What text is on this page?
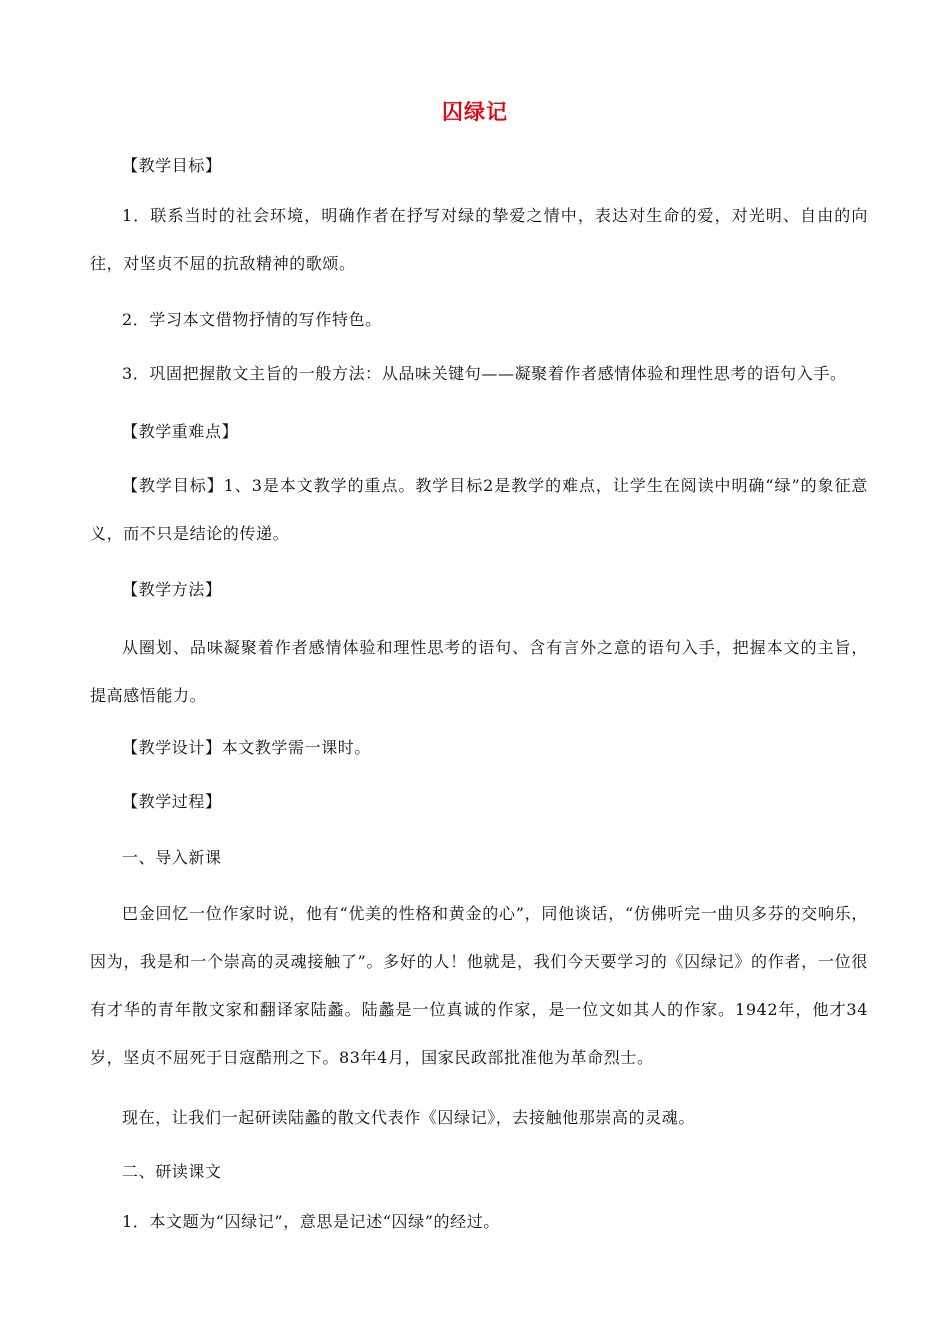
囚绿记

【教学目标】

1．联系当时的社会环境，明确作者在抒写对绿的挚爱之情中，表达对生命的爱，对光明、自由的向往，对坚贞不屈的抗敌精神的歌颂。

2．学习本文借物抒情的写作特色。

3．巩固把握散文主旨的一般方法：从品味关键句——凝聚着作者感情体验和理性思考的语句入手。

【教学重难点】

【教学目标】1、3是本文教学的重点。教学目标2是教学的难点，让学生在阅读中明确“绿”的象征意义，而不只是结论的传递。

【教学方法】

从圈划、品味凝聚着作者感情体验和理性思考的语句、含有言外之意的语句入手，把握本文的主旨，提高感悟能力。

【教学设计】本文教学需一课时。

【教学过程】

一、导入新课

巴金回忆一位作家时说，他有“优美的性格和黄金的心”，同他谈话，“仿佛听完一曲贝多芬的交响乐，因为，我是和一个崇高的灵魂接触了”。多好的人！他就是，我们今天要学习的《囚绿记》的作者，一位很有才华的青年散文家和翻译家陆蠡。陆蠡是一位真诚的作家，是一位文如其人的作家。1942年，他才34岁，坚贞不屈死于日寇酷刑之下。83年4月，国家民政部批准他为革命烈士。

现在，让我们一起研读陆蠡的散文代表作《囚绿记》，去接触他那崇高的灵魂。

二、研读课文

1．本文题为“囚绿记”，意思是记述“囚绿”的经过。
